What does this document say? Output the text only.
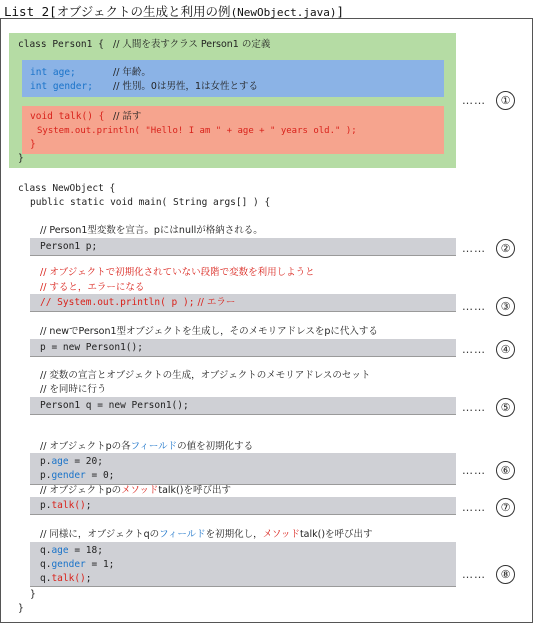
List 2[オブジェクトの生成と利用の例(NewObject.java)]
class Person1 { // 人間を表すクラス Person1 の定義
int age;	// 年齢。
int gender; // 性別。0は男性，1は女性とする
void talk() { // 話す
System.out.println( "Hello! I am " + age + " years old." );
}
}
……	①
class NewObject {
public static void main( String args[] ) {
// Person1型変数を宣言。pにはnullが格納される。
Person1 p;	……	②
// オブジェクトで初期化されていない段階で変数を利用しようと
// すると，エラーになる
// System.out.println( p ); // エラー	……	③
// newでPerson1型オブジェクトを生成し，そのメモリアドレスをpに代入する
p = new Person1();	……	④
// 変数の宣言とオブジェクトの生成，オブジェクトのメモリアドレスのセット
// を同時に行う
Person1 q = new Person1();	……	⑤
// オブジェクトpの各フィールドの値を初期化する
p.age = 20;
p.gender = 0;	……	⑥
// オブジェクトpのメソッドtalk()を呼び出す
p.talk();	……	⑦
// 同様に，オブジェクトqのフィールドを初期化し，メソッドtalk()を呼び出す
q.age = 18;
q.gender = 1;
q.talk();	……	⑧
}
}
